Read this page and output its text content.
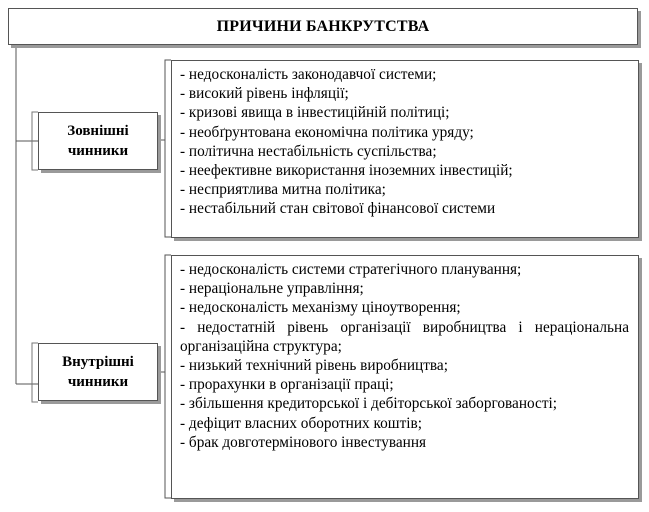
ПРИЧИНИ БАНКРУТСТВА
Зовнішні
чинники
- недосконалість законодавчої системи;
- високий рівень інфляції;
- кризові явища в інвестиційній політиці;
- необґрунтована економічна політика уряду;
- політична нестабільність суспільства;
- неефективне використання іноземних інвестицій;
- несприятлива митна політика;
- нестабільний стан світової фінансової системи
Внутрішні
чинники
- недосконалість системи стратегічного планування;
- нераціональне управління;
- недосконалість механізму ціноутворення;
- недостатній рівень організації виробництва і нераціональна організаційна структура;
- низький технічний рівень виробництва;
- прорахунки в організації праці;
- збільшення кредиторської і дебіторської заборгованості;
- дефіцит власних оборотних коштів;
- брак довготермінового інвестування
